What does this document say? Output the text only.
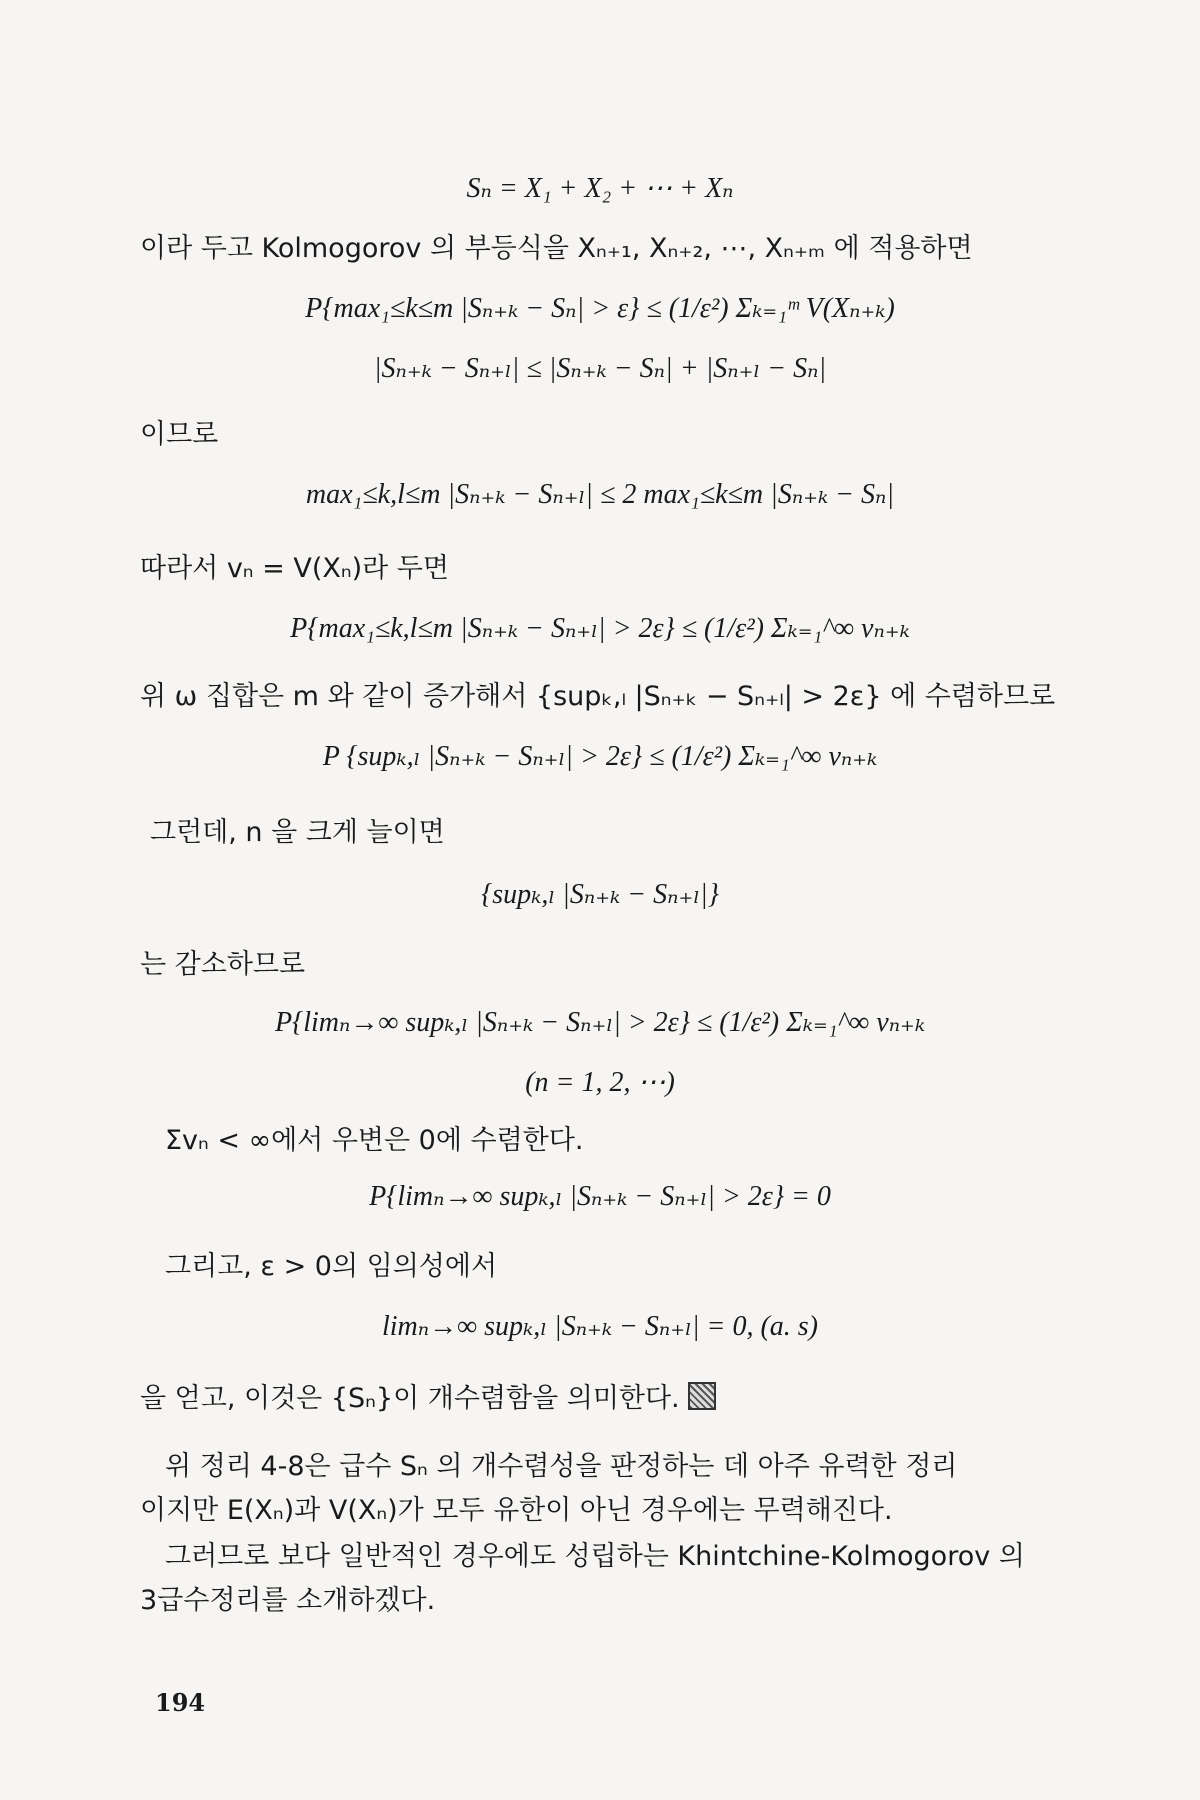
Sₙ = X₁ + X₂ + ⋯ + Xₙ
이라 두고 Kolmogorov 의 부등식을 Xₙ₊₁, Xₙ₊₂, ⋯, Xₙ₊ₘ 에 적용하면
P{max₁≤k≤m |Sₙ₊ₖ − Sₙ| > ε} ≤ (1/ε²) Σₖ₌₁ᵐ V(Xₙ₊ₖ)
|Sₙ₊ₖ − Sₙ₊ₗ| ≤ |Sₙ₊ₖ − Sₙ| + |Sₙ₊ₗ − Sₙ|
이므로
max₁≤k,l≤m |Sₙ₊ₖ − Sₙ₊ₗ| ≤ 2 max₁≤k≤m |Sₙ₊ₖ − Sₙ|
따라서 vₙ = V(Xₙ)라 두면
P{max₁≤k,l≤m |Sₙ₊ₖ − Sₙ₊ₗ| > 2ε} ≤ (1/ε²) Σₖ₌₁^∞ vₙ₊ₖ
위 ω 집합은 m 와 같이 증가해서 {supₖ,ₗ |Sₙ₊ₖ − Sₙ₊ₗ| > 2ε} 에 수렴하므로
P {supₖ,ₗ |Sₙ₊ₖ − Sₙ₊ₗ| > 2ε} ≤ (1/ε²) Σₖ₌₁^∞ vₙ₊ₖ
그런데, n 을 크게 늘이면
{supₖ,ₗ |Sₙ₊ₖ − Sₙ₊ₗ|}
는 감소하므로
P{limₙ→∞ supₖ,ₗ |Sₙ₊ₖ − Sₙ₊ₗ| > 2ε} ≤ (1/ε²) Σₖ₌₁^∞ vₙ₊ₖ
(n = 1, 2, ⋯)
Σvₙ < ∞에서 우변은 0에 수렴한다.
P{limₙ→∞ supₖ,ₗ |Sₙ₊ₖ − Sₙ₊ₗ| > 2ε} = 0
그리고, ε > 0의 임의성에서
limₙ→∞ supₖ,ₗ |Sₙ₊ₖ − Sₙ₊ₗ| = 0, (a. s)
을 얻고, 이것은 {Sₙ}이 개수렴함을 의미한다.
위 정리 4-8은 급수 Sₙ 의 개수렴성을 판정하는 데 아주 유력한 정리
이지만 E(Xₙ)과 V(Xₙ)가 모두 유한이 아닌 경우에는 무력해진다.
그러므로 보다 일반적인 경우에도 성립하는 Khintchine-Kolmogorov 의
3급수정리를 소개하겠다.
194
